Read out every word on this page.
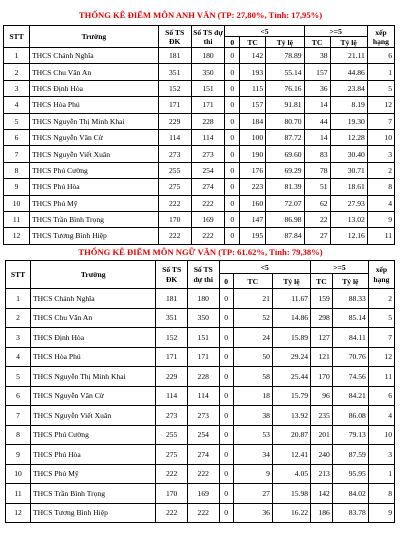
THỐNG KÊ ĐIỂM MÔN ANH VĂN (TP: 27,80%, Tỉnh: 17,95%)
STT	Trường	Số TS ĐK	Số TS dự thi	<5			>=5		xếp hạng
				0	TC	Tỷ lệ	TC	Tỷ lệ	
1	THCS Chánh Nghĩa	181	180	0	142	78.89	38	21.11	6
2	THCS Chu Văn An	351	350	0	193	55.14	157	44.86	1
3	THCS Định Hòa	152	151	0	115	76.16	36	23.84	5
4	THCS Hòa Phú	171	171	0	157	91.81	14	8.19	12
5	THCS Nguyễn Thị Minh Khai	229	228	0	184	80.70	44	19.30	7
6	THCS Nguyễn Văn Cừ	114	114	0	100	87.72	14	12.28	10
7	THCS Nguyễn Viết Xuân	273	273	0	190	69.60	83	30.40	3
8	THCS Phú Cường	255	254	0	176	69.29	78	30.71	2
9	THCS Phú Hòa	275	274	0	223	81.39	51	18.61	8
10	THCS Phú Mỹ	222	222	0	160	72.07	62	27.93	4
11	THCS Trần Bình Trọng	170	169	0	147	86.98	22	13.02	9
12	THCS Tương Bình Hiệp	222	222	0	195	87.84	27	12.16	11
THỐNG KÊ ĐIỂM MÔN NGỮ VĂN (TP: 61.62%, Tỉnh: 79,38%)
STT	Trường	Số TS ĐK	Số TS dự thi	<5			>=5		xếp hạng
				0	TC	Tỷ lệ	TC	Tỷ lệ	
1	THCS Chánh Nghĩa	181	180	0	21	11.67	159	88.33	2
2	THCS Chu Văn An	351	350	0	52	14.86	298	85.14	5
3	THCS Định Hòa	152	151	0	24	15.89	127	84.11	7
4	THCS Hòa Phú	171	171	0	50	29.24	121	70.76	12
5	THCS Nguyễn Thị Minh Khai	229	228	0	58	25.44	170	74.56	11
6	THCS Nguyễn Văn Cừ	114	114	0	18	15.79	96	84.21	6
7	THCS Nguyễn Viết Xuân	273	273	0	38	13.92	235	86.08	4
8	THCS Phú Cường	255	254	0	53	20.87	201	79.13	10
9	THCS Phú Hòa	275	274	0	34	12.41	240	87.59	3
10	THCS Phú Mỹ	222	222	0	9	4.05	213	95.95	1
11	THCS Trần Bình Trọng	170	169	0	27	15.98	142	84.02	8
12	THCS Tương Bình Hiệp	222	222	0	36	16.22	186	83.78	9
